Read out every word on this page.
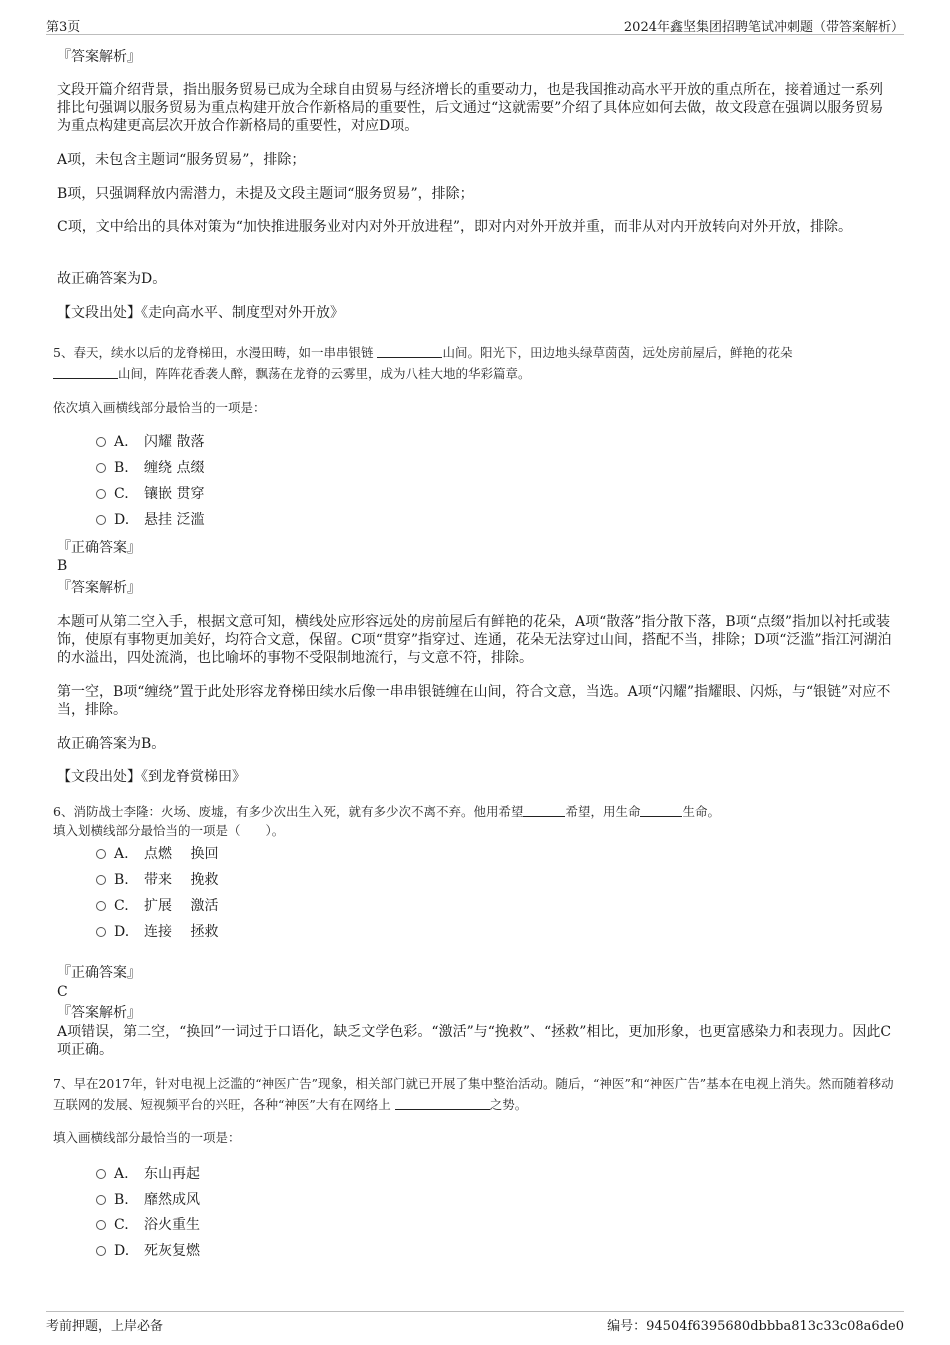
第3页	2024年鑫坚集团招聘笔试冲刺题（带答案解析）
『答案解析』
文段开篇介绍背景，指出服务贸易已成为全球自由贸易与经济增长的重要动力，也是我国推动高水平开放的重点所在，接着通过一系列排比句强调以服务贸易为重点构建开放合作新格局的重要性，后文通过“这就需要”介绍了具体应如何去做，故文段意在强调以服务贸易为重点构建更高层次开放合作新格局的重要性，对应D项。
A项，未包含主题词“服务贸易”，排除；
B项，只强调释放内需潜力，未提及文段主题词“服务贸易”，排除；
C项，文中给出的具体对策为“加快推进服务业对内对外开放进程”，即对内对外开放并重，而非从对内开放转向对外开放，排除。
故正确答案为D。
【文段出处】《走向高水平、制度型对外开放》
5、春天，续水以后的龙脊梯田，水漫田畴，如一串串银链	山间。阳光下，田边地头绿草茵茵，远处房前屋后，鲜艳的花朵
山间，阵阵花香袭人醉，飘荡在龙脊的云雾里，成为八桂大地的华彩篇章。
依次填入画横线部分最恰当的一项是：
A. 闪耀 散落
B. 缠绕 点缀
C. 镶嵌 贯穿
D. 悬挂 泛滥
『正确答案』
B
『答案解析』
本题可从第二空入手，根据文意可知，横线处应形容远处的房前屋后有鲜艳的花朵，A项“散落”指分散下落，B项“点缀”指加以衬托或装饰，使原有事物更加美好，均符合文意，保留。C项“贯穿”指穿过、连通，花朵无法穿过山间，搭配不当，排除；D项“泛滥”指江河湖泊的水溢出，四处流淌，也比喻坏的事物不受限制地流行，与文意不符，排除。
第一空，B项“缠绕”置于此处形容龙脊梯田续水后像一串串银链缠在山间，符合文意，当选。A项“闪耀”指耀眼、闪烁，与“银链”对应不当，排除。
故正确答案为B。
【文段出处】《到龙脊赏梯田》
6、消防战士李隆：火场、废墟，有多少次出生入死，就有多少次不离不弃。他用希望	希望，用生命	生命。
填入划横线部分最恰当的一项是（　　）。
A. 点燃　 换回
B. 带来　 挽救
C. 扩展　 激活
D. 连接　 拯救
『正确答案』
C
『答案解析』
A项错误，第二空，“换回”一词过于口语化，缺乏文学色彩。“激活”与“挽救”、“拯救”相比，更加形象，也更富感染力和表现力。因此C项正确。
7、早在2017年，针对电视上泛滥的“神医广告”现象，相关部门就已开展了集中整治活动。随后，“神医”和“神医广告”基本在电视上消失。然而随着移动互联网的发展、短视频平台的兴旺，各种“神医”大有在网络上	之势。
填入画横线部分最恰当的一项是：
A. 东山再起
B. 靡然成风
C. 浴火重生
D. 死灰复燃
考前押题，上岸必备	编号：94504f6395680dbbba813c33c08a6de0
